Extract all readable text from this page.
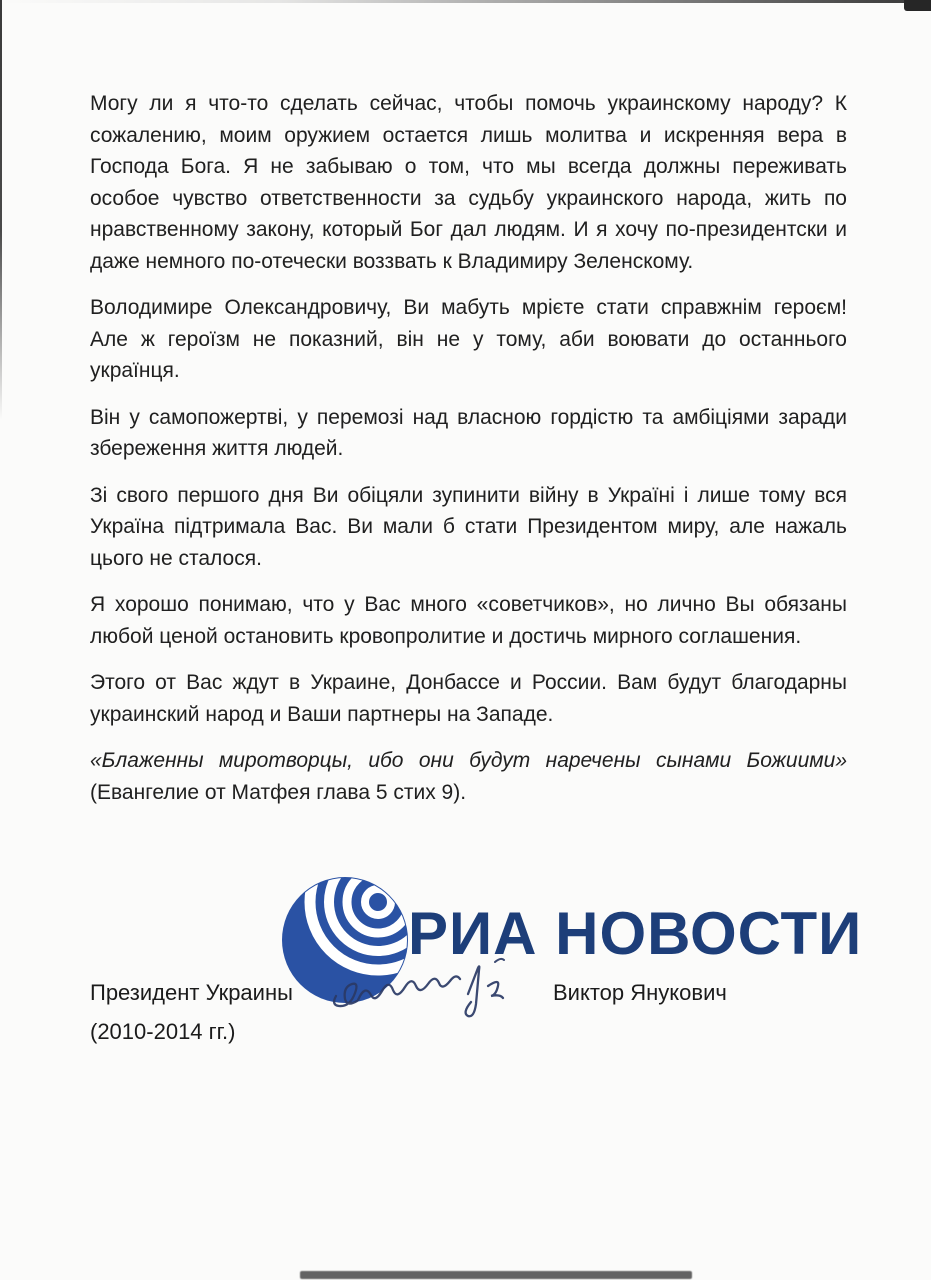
Могу ли я что-то сделать сейчас, чтобы помочь украинскому народу? К сожалению, моим оружием остается лишь молитва и искренняя вера в Господа Бога. Я не забываю о том, что мы всегда должны переживать особое чувство ответственности за судьбу украинского народа, жить по нравственному закону, который Бог дал людям. И я хочу по-президентски и даже немного по-отечески воззвать к Владимиру Зеленскому.

Володимире Олександровичу, Ви мабуть мрієте стати справжнім героєм! Але ж героїзм не показний, він не у тому, аби воювати до останнього українця.

Він у самопожертві, у перемозі над власною гордістю та амбіціями заради збереження життя людей.

Зі свого першого дня Ви обіцяли зупинити війну в Україні і лише тому вся Україна підтримала Вас. Ви мали б стати Президентом миру, але нажаль цього не сталося.

Я хорошо понимаю, что у Вас много «советчиков», но лично Вы обязаны любой ценой остановить кровопролитие и достичь мирного соглашения.

Этого от Вас ждут в Украине, Донбассе и России. Вам будут благодарны украинский народ и Ваши партнеры на Западе.

«Блаженны миротворцы, ибо они будут наречены сынами Божиими» (Евангелие от Матфея глава 5 стих 9).

РИА НОВОСТИ
Президент Украины	Виктор Янукович
(2010-2014 гг.)
